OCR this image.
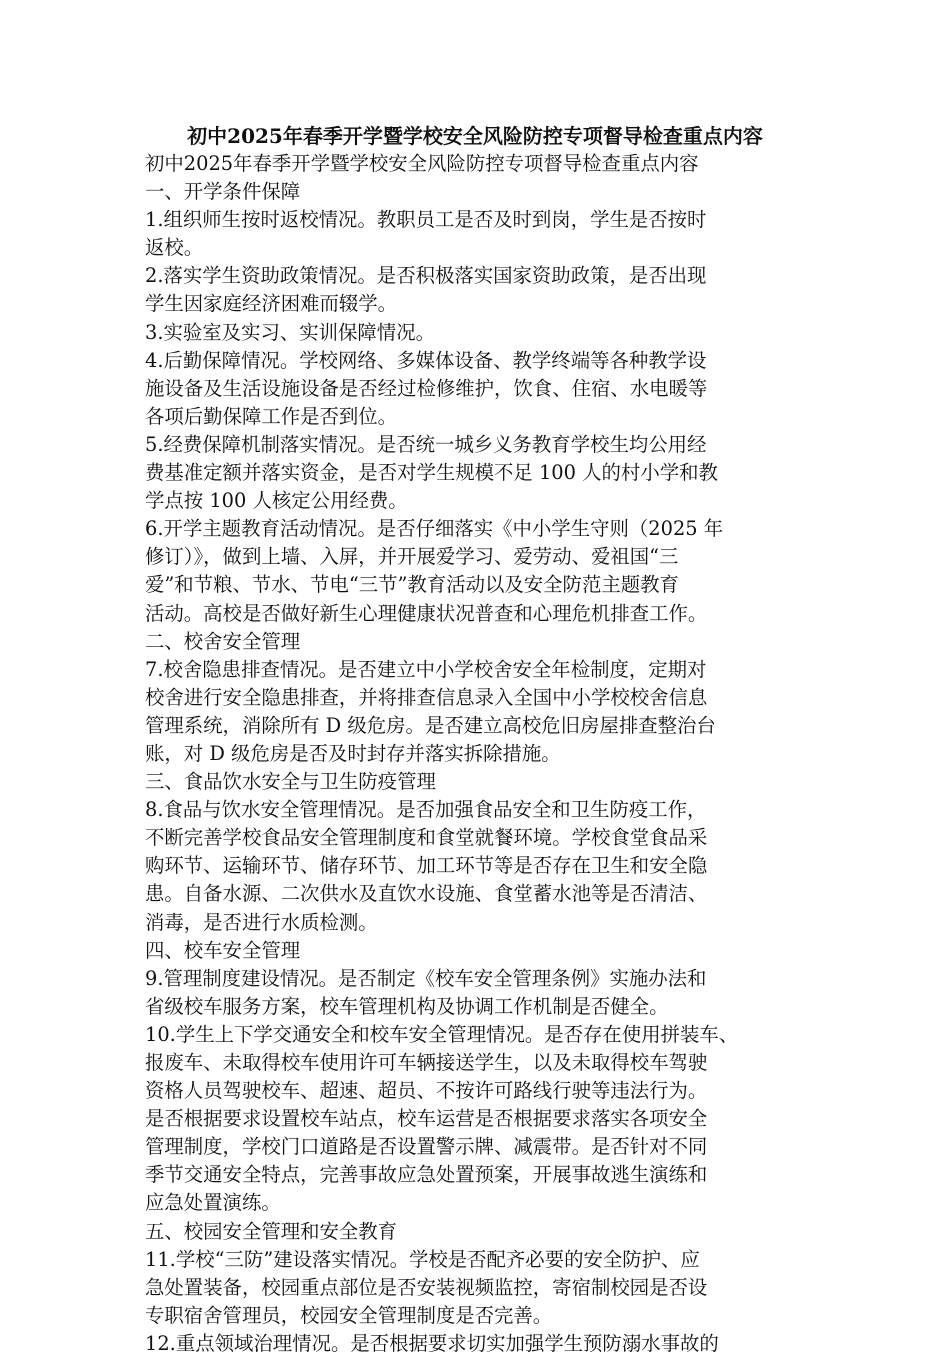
初中2025年春季开学暨学校安全风险防控专项督导检查重点内容
初中2025年春季开学暨学校安全风险防控专项督导检查重点内容
一、开学条件保障
1.组织师生按时返校情况。教职员工是否及时到岗，学生是否按时
返校。
2.落实学生资助政策情况。是否积极落实国家资助政策，是否出现
学生因家庭经济困难而辍学。
3.实验室及实习、实训保障情况。
4.后勤保障情况。学校网络、多媒体设备、教学终端等各种教学设
施设备及生活设施设备是否经过检修维护，饮食、住宿、水电暖等
各项后勤保障工作是否到位。
5.经费保障机制落实情况。是否统一城乡义务教育学校生均公用经
费基准定额并落实资金，是否对学生规模不足 100 人的村小学和教
学点按 100 人核定公用经费。
6.开学主题教育活动情况。是否仔细落实《中小学生守则（2025 年
修订）》，做到上墙、入屏，并开展爱学习、爱劳动、爱祖国“三
爱”和节粮、节水、节电“三节”教育活动以及安全防范主题教育
活动。高校是否做好新生心理健康状况普查和心理危机排查工作。
二、校舍安全管理
7.校舍隐患排查情况。是否建立中小学校舍安全年检制度，定期对
校舍进行安全隐患排查，并将排查信息录入全国中小学校校舍信息
管理系统，消除所有 D 级危房。是否建立高校危旧房屋排查整治台
账，对 D 级危房是否及时封存并落实拆除措施。
三、食品饮水安全与卫生防疫管理
8.食品与饮水安全管理情况。是否加强食品安全和卫生防疫工作，
不断完善学校食品安全管理制度和食堂就餐环境。学校食堂食品采
购环节、运输环节、储存环节、加工环节等是否存在卫生和安全隐
患。自备水源、二次供水及直饮水设施、食堂蓄水池等是否清洁、
消毒，是否进行水质检测。
四、校车安全管理
9.管理制度建设情况。是否制定《校车安全管理条例》实施办法和
省级校车服务方案，校车管理机构及协调工作机制是否健全。
10.学生上下学交通安全和校车安全管理情况。是否存在使用拼装车、
报废车、未取得校车使用许可车辆接送学生，以及未取得校车驾驶
资格人员驾驶校车、超速、超员、不按许可路线行驶等违法行为。
是否根据要求设置校车站点，校车运营是否根据要求落实各项安全
管理制度，学校门口道路是否设置警示牌、减震带。是否针对不同
季节交通安全特点，完善事故应急处置预案，开展事故逃生演练和
应急处置演练。
五、校园安全管理和安全教育
11.学校“三防”建设落实情况。学校是否配齐必要的安全防护、应
急处置装备，校园重点部位是否安装视频监控，寄宿制校园是否设
专职宿舍管理员，校园安全管理制度是否完善。
12.重点领域治理情况。是否根据要求切实加强学生预防溺水事故的
